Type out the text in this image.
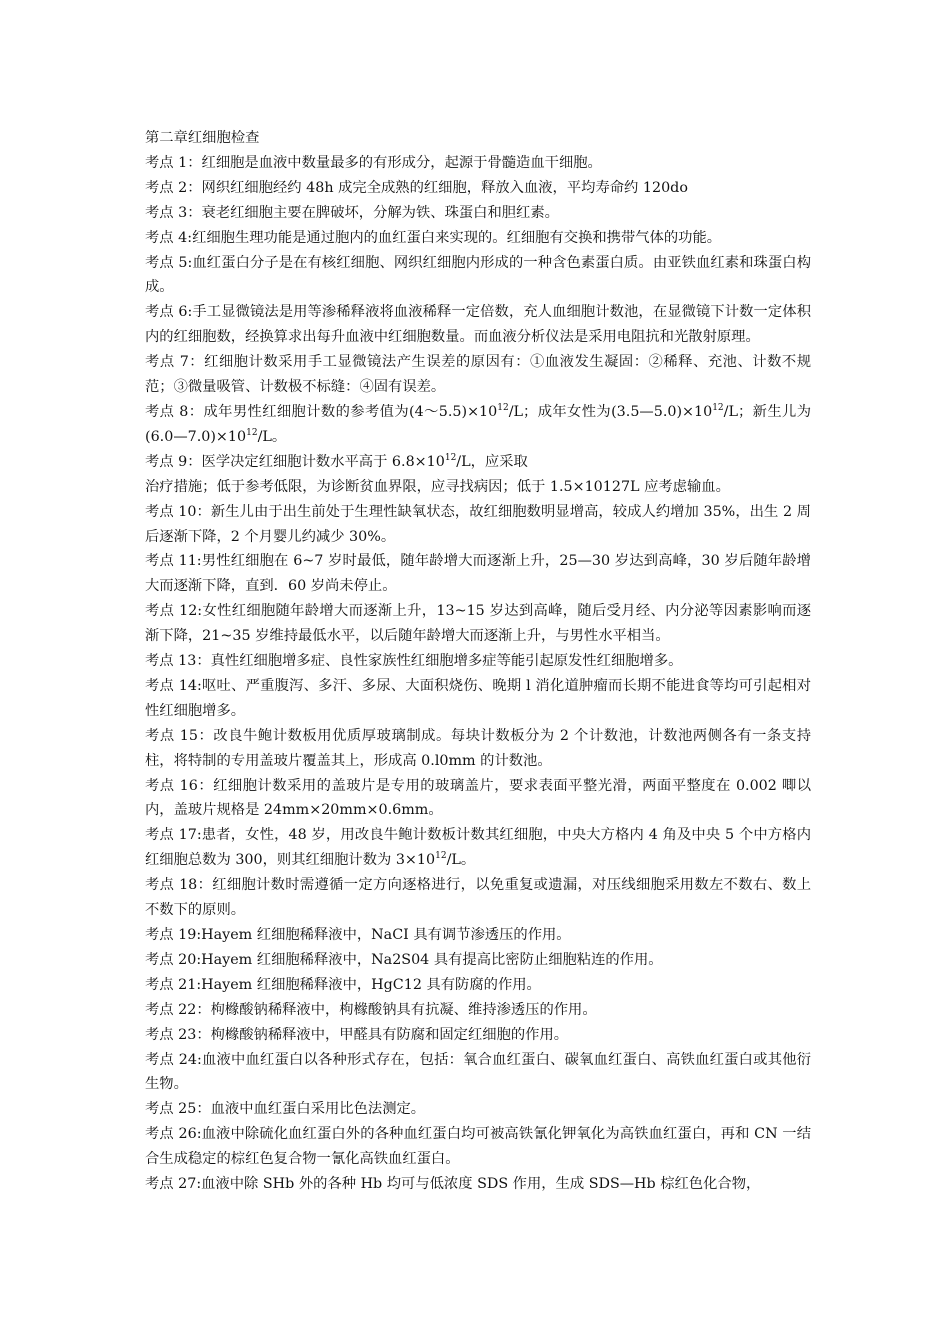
第二章红细胞检查

考点 1：红细胞是血液中数量最多的有形成分，起源于骨髓造血干细胞。

考点 2：网织红细胞经约 48h 成完全成熟的红细胞，释放入血液，平均寿命约 120do

考点 3：衰老红细胞主要在脾破坏，分解为铁、珠蛋白和胆红素。

考点 4:红细胞生理功能是通过胞内的血红蛋白来实现的。红细胞有交换和携带气体的功能。

考点 5:血红蛋白分子是在有核红细胞、网织红细胞内形成的一种含色素蛋白质。由亚铁血红素和珠蛋白构成。

考点 6:手工显微镜法是用等渗稀释液将血液稀释一定倍数，充人血细胞计数池，在显微镜下计数一定体积内的红细胞数，经换算求出每升血液中红细胞数量。而血液分析仪法是采用电阻抗和光散射原理。

考点 7：红细胞计数采用手工显微镜法产生误差的原因有：①血液发生凝固：②稀释、充池、计数不规范；③微量吸管、计数极不标缝：④固有误差。

考点 8：成年男性红细胞计数的参考值为$(4\sim 5.5)\times 10^{12}/L$；成年女性为$(3.5—5.0)\times 10^{12}/L$；新生儿为$(6.0—7.0)\times 10^{12}/L$。

考点 9：医学决定红细胞计数水平高于 $6.8\times 10^{12}/L$，应采取

治疗措施；低于参考低限，为诊断贫血界限，应寻找病因；低于 1.5×10127L 应考虑输血。

考点 10：新生儿由于出生前处于生理性缺氧状态，故红细胞数明显增高，较成人约增加 35%，出生 2 周后逐渐下降，2 个月婴儿约减少 30%。

考点 11:男性红细胞在 6~7 岁时最低，随年龄增大而逐渐上升，25—30 岁达到高峰，30 岁后随年龄增大而逐渐下降，直到．60 岁尚未停止。

考点 12:女性红细胞随年龄增大而逐渐上升，13~15 岁达到高峰，随后受月经、内分泌等因素影响而逐渐下降，21~35 岁维持最低水平，以后随年龄增大而逐渐上升，与男性水平相当。

考点 13：真性红细胞增多症、良性家族性红细胞增多症等能引起原发性红细胞增多。

考点 14:呕吐、严重腹泻、多汗、多尿、大面积烧伤、晚期 l 消化道肿瘤而长期不能进食等均可引起相对性红细胞增多。

考点 15：改良牛鲍计数板用优质厚玻璃制成。每块计数板分为 2 个计数池，计数池两侧各有一条支持柱，将特制的专用盖玻片覆盖其上，形成高 0.l0mm 的计数池。

考点 16：红细胞计数采用的盖玻片是专用的玻璃盖片，要求表面平整光滑，两面平整度在 0.002 唧以内，盖玻片规格是 24mm×20mm×0.6mm。

考点 17:患者，女性，48 岁，用改良牛鲍计数板计数其红细胞，中央大方格内 4 角及中央 5 个中方格内红细胞总数为 300，则其红细胞计数为 $3\times 10^{12}/L$。

考点 18：红细胞计数时需遵循一定方向逐格进行，以免重复或遗漏，对压线细胞采用数左不数右、数上不数下的原则。

考点 19:Hayem 红细胞稀释液中，NaCI 具有调节渗透压的作用。

考点 20:Hayem 红细胞稀释液中，Na2S04 具有提高比密防止细胞粘连的作用。

考点 21:Hayem 红细胞稀释液中，HgC12 具有防腐的作用。

考点 22：枸橼酸钠稀释液中，枸橼酸钠具有抗凝、维持渗透压的作用。

考点 23：枸橼酸钠稀释液中，甲醛具有防腐和固定红细胞的作用。

考点 24:血液中血红蛋白以各种形式存在，包括：氧合血红蛋白、碳氧血红蛋白、高铁血红蛋白或其他衍生物。

考点 25：血液中血红蛋白采用比色法测定。

考点 26:血液中除硫化血红蛋白外的各种血红蛋白均可被高铁氰化钾氧化为高铁血红蛋白，再和 CN 一结合生成稳定的棕红色复合物一氰化高铁血红蛋白。

考点 27:血液中除 SHb 外的各种 Hb 均可与低浓度 SDS 作用，生成 SDS—Hb 棕红色化合物，
